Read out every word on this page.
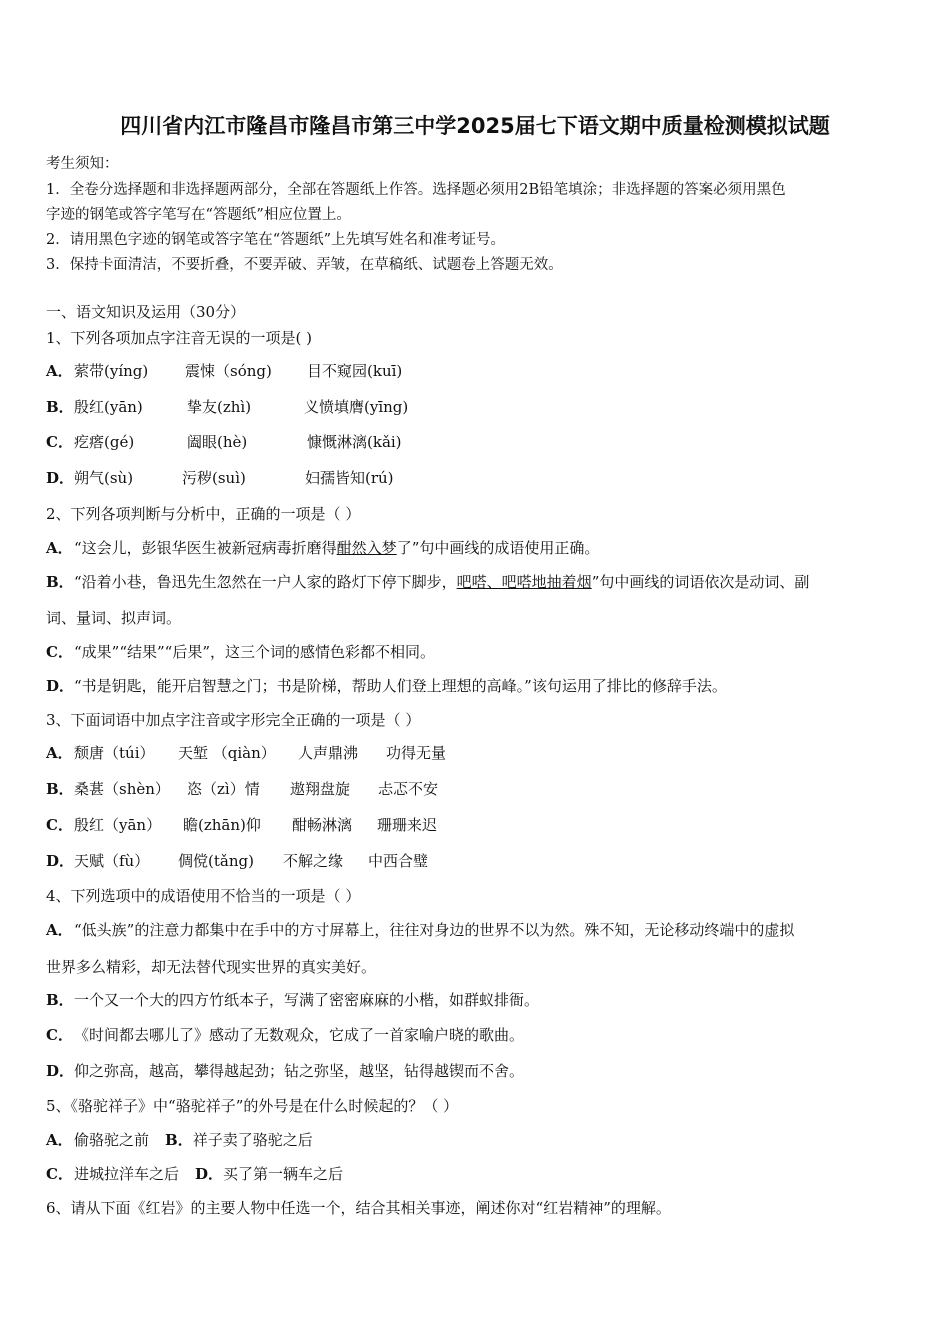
四川省内江市隆昌市隆昌市第三中学2025届七下语文期中质量检测模拟试题
考生须知：
1．全卷分选择题和非选择题两部分，全部在答题纸上作答。选择题必须用2B铅笔填涂；非选择题的答案必须用黑色
字迹的钢笔或答字笔写在“答题纸”相应位置上。
2．请用黑色字迹的钢笔或答字笔在“答题纸”上先填写姓名和准考证号。
3．保持卡面清洁，不要折叠，不要弄破、弄皱，在草稿纸、试题卷上答题无效。
一、语文知识及运用（30分）
1、下列各项加点字注音无误的一项是( )
A． 萦带(yíng) 震悚（sóng) 目不窥园(kuī)
B． 殷红(yān)	挚友(zhì)	义愤填膺(yīng)
C． 疙瘩(gé)	阖眼(hè)	慷慨淋漓(kǎi)
D． 朔气(sù)	污秽(suì)	妇孺皆知(rú)
2、下列各项判断与分析中，正确的一项是（ ）
A．“这会儿，彭银华医生被新冠病毒折磨得酣然入梦了”句中画线的成语使用正确。
B．“沿着小巷，鲁迅先生忽然在一户人家的路灯下停下脚步，吧嗒、吧嗒地抽着烟”句中画线的词语依次是动词、副
词、量词、拟声词。
C．“成果”“结果”“后果”，这三个词的感情色彩都不相同。
D．“书是钥匙，能开启智慧之门；书是阶梯，帮助人们登上理想的高峰。”该句运用了排比的修辞手法。
3、下面词语中加点字注音或字形完全正确的一项是（ ）
A． 颓唐（túi） 天堑 （qiàn） 人声鼎沸 功得无量
B． 桑葚（shèn） 恣（zì）情 遨翔盘旋 忐忑不安
C． 殷红（yān） 瞻(zhān)仰 酣畅淋漓 珊珊来迟
D． 天赋（fù） 倜傥(tǎng) 不解之缘 中西合璧
4、下列选项中的成语使用不恰当的一项是（ ）
A．“低头族”的注意力都集中在手中的方寸屏幕上，往往对身边的世界不以为然。殊不知，无论移动终端中的虚拟
世界多么精彩，却无法替代现实世界的真实美好。
B．一个又一个大的四方竹纸本子，写满了密密麻麻的小楷，如群蚁排衙。
C．《时间都去哪儿了》感动了无数观众，它成了一首家喻户晓的歌曲。
D．仰之弥高，越高，攀得越起劲；钻之弥坚，越坚，钻得越锲而不舍。
5、《骆驼祥子》中“骆驼祥子”的外号是在什么时候起的？（ ）
A．偷骆驼之前 B．祥子卖了骆驼之后
C．进城拉洋车之后 D．买了第一辆车之后
6、请从下面《红岩》的主要人物中任选一个，结合其相关事迹，阐述你对“红岩精神”的理解。
